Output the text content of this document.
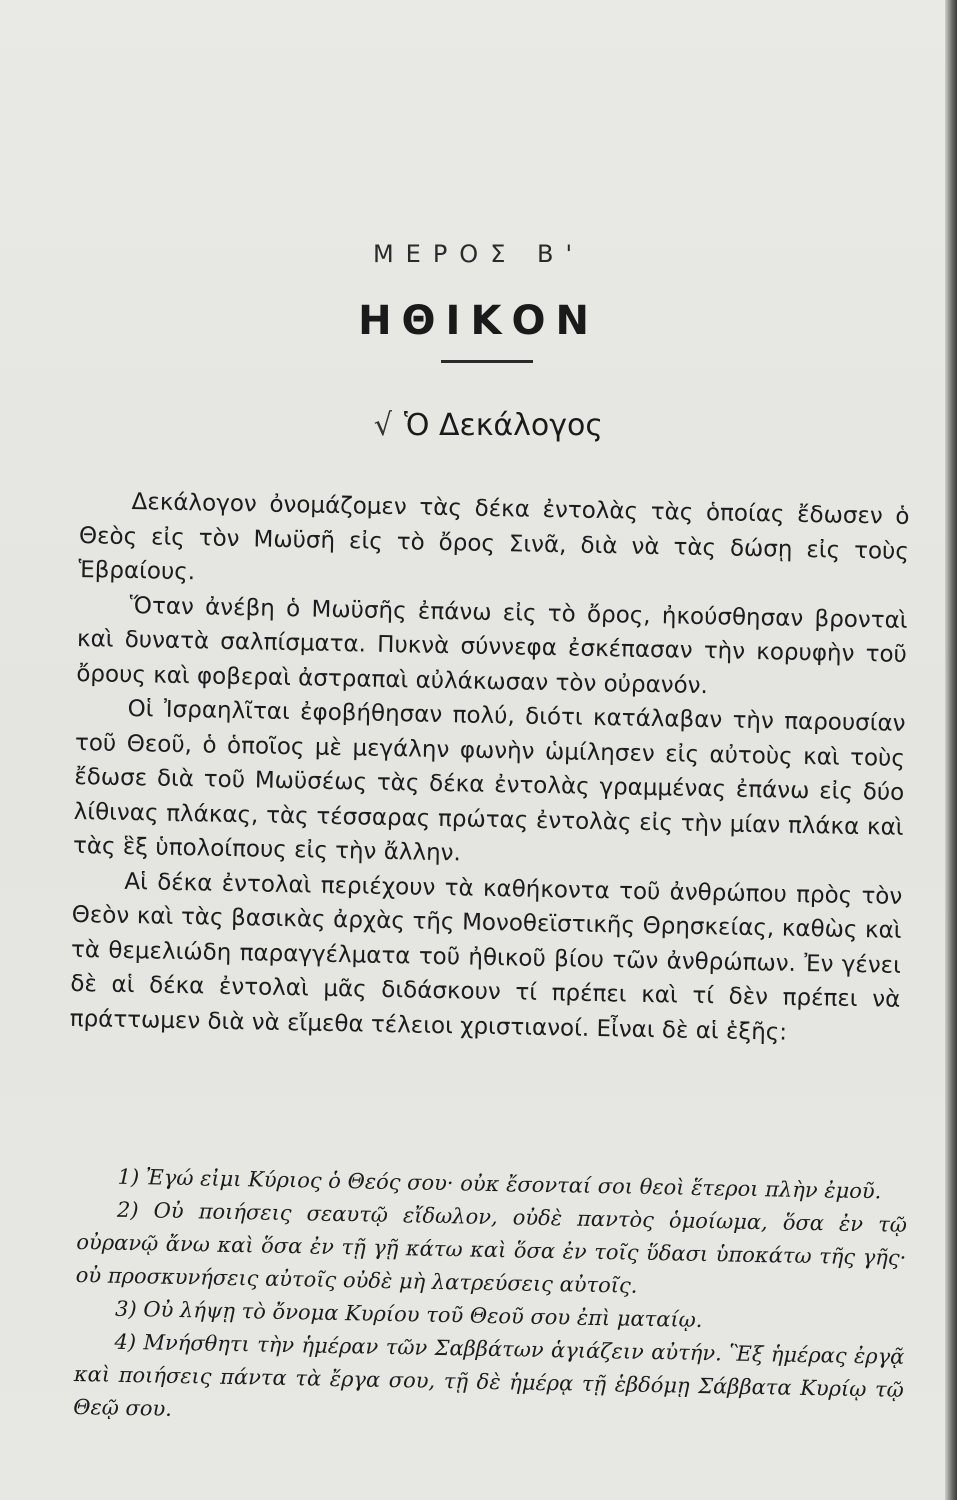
ΜΕΡΟΣ Β'
ΗΘΙΚΟΝ
√ Ὁ Δεκάλογος

Δεκάλογον ὀνομάζομεν τὰς δέκα ἐντολὰς τὰς ὁποίας ἔδωσεν ὁ Θεὸς εἰς τὸν Μωϋσῆ εἰς τὸ ὄρος Σινᾶ, διὰ νὰ τὰς δώσῃ εἰς τοὺς Ἑβραίους.

Ὅταν ἀνέβη ὁ Μωϋσῆς ἐπάνω εἰς τὸ ὄρος, ἠκούσθησαν βρονταὶ καὶ δυνατὰ σαλπίσματα. Πυκνὰ σύννεφα ἐσκέπασαν τὴν κορυφὴν τοῦ ὄρους καὶ φοβεραὶ ἀστραπαὶ αὐλάκωσαν τὸν οὐρανόν.

Οἱ Ἰσραηλῖται ἐφοβήθησαν πολύ, διότι κατάλαβαν τὴν παρουσίαν τοῦ Θεοῦ, ὁ ὁποῖος μὲ μεγάλην φωνὴν ὡμίλησεν εἰς αὐτοὺς καὶ τοὺς ἔδωσε διὰ τοῦ Μωϋσέως τὰς δέκα ἐντολὰς γραμμένας ἐπάνω εἰς δύο λίθινας πλάκας, τὰς τέσσαρας πρώτας ἐντολὰς εἰς τὴν μίαν πλάκα καὶ τὰς ἓξ ὑπολοίπους εἰς τὴν ἄλλην.

Αἱ δέκα ἐντολαὶ περιέχουν τὰ καθήκοντα τοῦ ἀνθρώπου πρὸς τὸν Θεὸν καὶ τὰς βασικὰς ἀρχὰς τῆς Μονοθεϊστικῆς Θρησκείας, καθὼς καὶ τὰ θεμελιώδη παραγγέλματα τοῦ ἠθικοῦ βίου τῶν ἀνθρώπων. Ἐν γένει δὲ αἱ δέκα ἐντολαὶ μᾶς διδάσκουν τί πρέπει καὶ τί δὲν πρέπει νὰ πράττωμεν διὰ νὰ εἴμεθα τέλειοι χριστιανοί. Εἶναι δὲ αἱ ἑξῆς:

1) Ἐγώ εἰμι Κύριος ὁ Θεός σου· οὐκ ἔσονταί σοι θεοὶ ἕτεροι πλὴν ἐμοῦ.

2) Οὐ ποιήσεις σεαυτῷ εἴδωλον, οὐδὲ παντὸς ὁμοίωμα, ὅσα ἐν τῷ οὐρανῷ ἄνω καὶ ὅσα ἐν τῇ γῇ κάτω καὶ ὅσα ἐν τοῖς ὕδασι ὑποκάτω τῆς γῆς· οὐ προσκυνήσεις αὐτοῖς οὐδὲ μὴ λατρεύσεις αὐτοῖς.

3) Οὐ λήψῃ τὸ ὄνομα Κυρίου τοῦ Θεοῦ σου ἐπὶ ματαίῳ.

4) Μνήσθητι τὴν ἡμέραν τῶν Σαββάτων ἁγιάζειν αὐτήν. Ἓξ ἡμέρας ἐργᾷ καὶ ποιήσεις πάντα τὰ ἔργα σου, τῇ δὲ ἡμέρᾳ τῇ ἑβδόμῃ Σάββατα Κυρίῳ τῷ Θεῷ σου.
